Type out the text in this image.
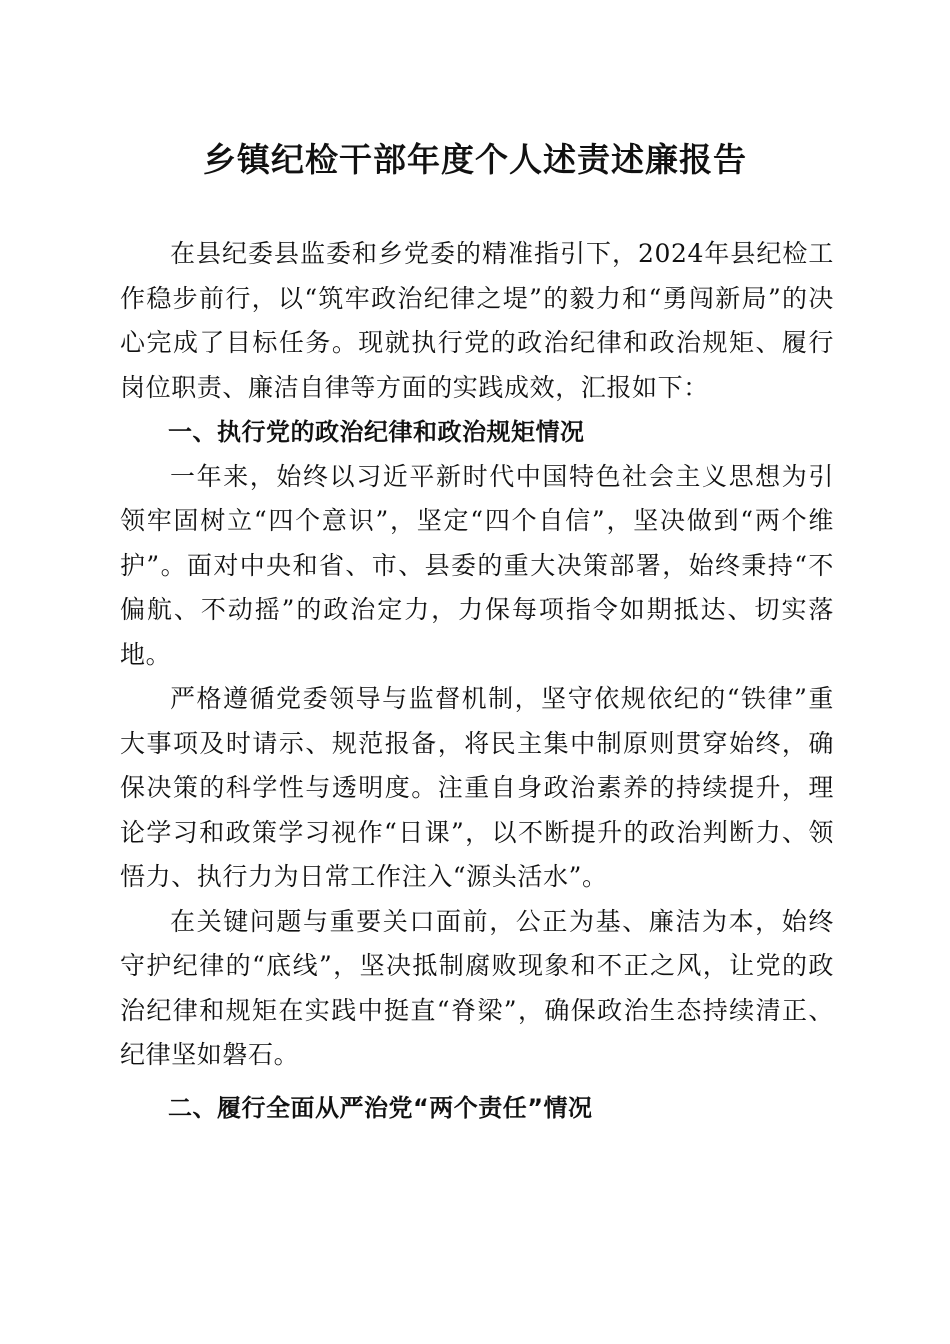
乡镇纪检干部年度个人述责述廉报告

在县纪委县监委和乡党委的精准指引下，2024年县纪检工作稳步前行，以“筑牢政治纪律之堤”的毅力和“勇闯新局”的决心完成了目标任务。现就执行党的政治纪律和政治规矩、履行岗位职责、廉洁自律等方面的实践成效，汇报如下：

一、执行党的政治纪律和政治规矩情况

一年来，始终以习近平新时代中国特色社会主义思想为引领牢固树立“四个意识”，坚定“四个自信”，坚决做到“两个维护”。面对中央和省、市、县委的重大决策部署，始终秉持“不偏航、不动摇”的政治定力，力保每项指令如期抵达、切实落地。

严格遵循党委领导与监督机制，坚守依规依纪的“铁律”重大事项及时请示、规范报备，将民主集中制原则贯穿始终，确保决策的科学性与透明度。注重自身政治素养的持续提升，理论学习和政策学习视作“日课”，以不断提升的政治判断力、领悟力、执行力为日常工作注入“源头活水”。

在关键问题与重要关口面前，公正为基、廉洁为本，始终守护纪律的“底线”，坚决抵制腐败现象和不正之风，让党的政治纪律和规矩在实践中挺直“脊梁”，确保政治生态持续清正、纪律坚如磐石。

二、履行全面从严治党“两个责任”情况
